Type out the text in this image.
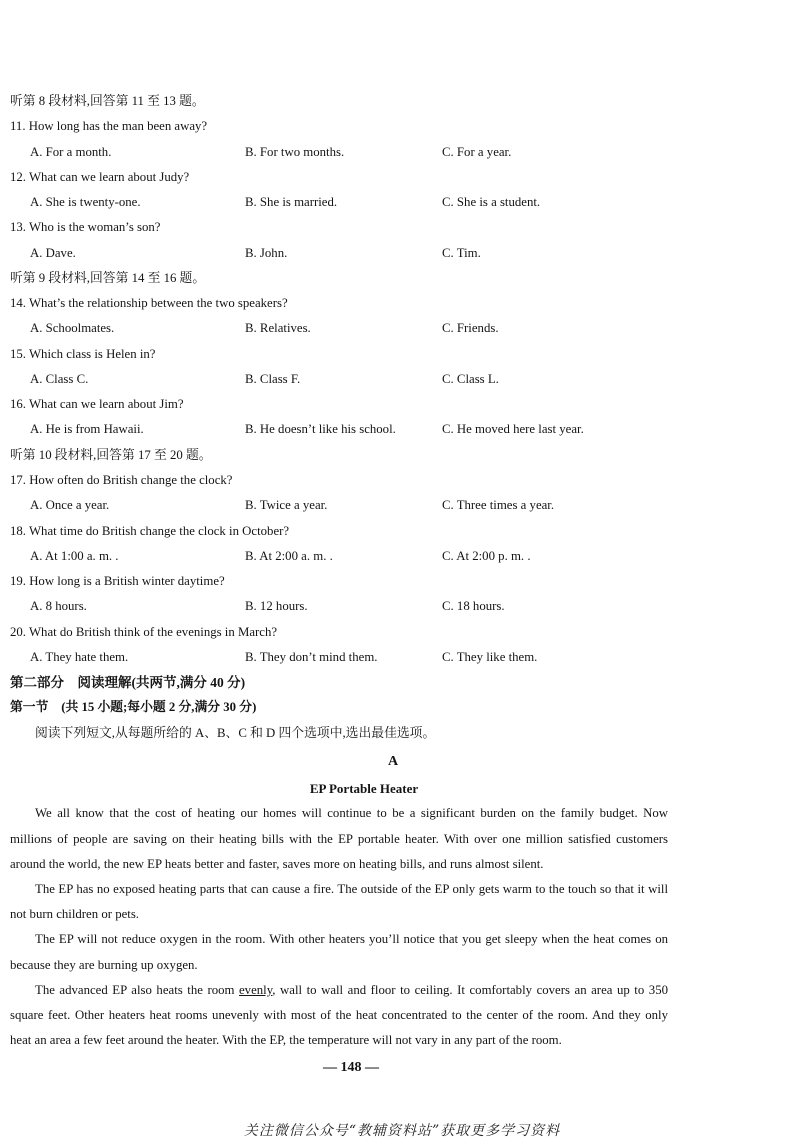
听第 8 段材料,回答第 11 至 13 题。
11. How long has the man been away?
A. For a month.	B. For two months.	C. For a year.
12. What can we learn about Judy?
A. She is twenty-one.	B. She is married.	C. She is a student.
13. Who is the woman’s son?
A. Dave.	B. John.	C. Tim.
听第 9 段材料,回答第 14 至 16 题。
14. What’s the relationship between the two speakers?
A. Schoolmates.	B. Relatives.	C. Friends.
15. Which class is Helen in?
A. Class C.	B. Class F.	C. Class L.
16. What can we learn about Jim?
A. He is from Hawaii.	B. He doesn’t like his school.	C. He moved here last year.
听第 10 段材料,回答第 17 至 20 题。
17. How often do British change the clock?
A. Once a year.	B. Twice a year.	C. Three times a year.
18. What time do British change the clock in October?
A. At 1:00 a. m. .	B. At 2:00 a. m. .	C. At 2:00 p. m. .
19. How long is a British winter daytime?
A. 8 hours.	B. 12 hours.	C. 18 hours.
20. What do British think of the evenings in March?
A. They hate them.	B. They don’t mind them.	C. They like them.
第二部分　阅读理解(共两节,满分 40 分)
第一节　(共 15 小题;每小题 2 分,满分 30 分)
阅读下列短文,从每题所给的 A、B、C 和 D 四个选项中,选出最佳选项。
A
EP Portable Heater
We all know that the cost of heating our homes will continue to be a significant burden on the family budget. Now
millions of people are saving on their heating bills with the EP portable heater. With over one million satisfied customers
around the world, the new EP heats better and faster, saves more on heating bills, and runs almost silent.
The EP has no exposed heating parts that can cause a fire. The outside of the EP only gets warm to the touch so that it will
not burn children or pets.
The EP will not reduce oxygen in the room. With other heaters you’ll notice that you get sleepy when the heat comes on
because they are burning up oxygen.
The advanced EP also heats the room evenly, wall to wall and floor to ceiling. It comfortably covers an area up to 350
square feet. Other heaters heat rooms unevenly with most of the heat concentrated to the center of the room. And they only
heat an area a few feet around the heater. With the EP, the temperature will not vary in any part of the room.
— 148 —
关注微信公众号“教辅资料站”获取更多学习资料
